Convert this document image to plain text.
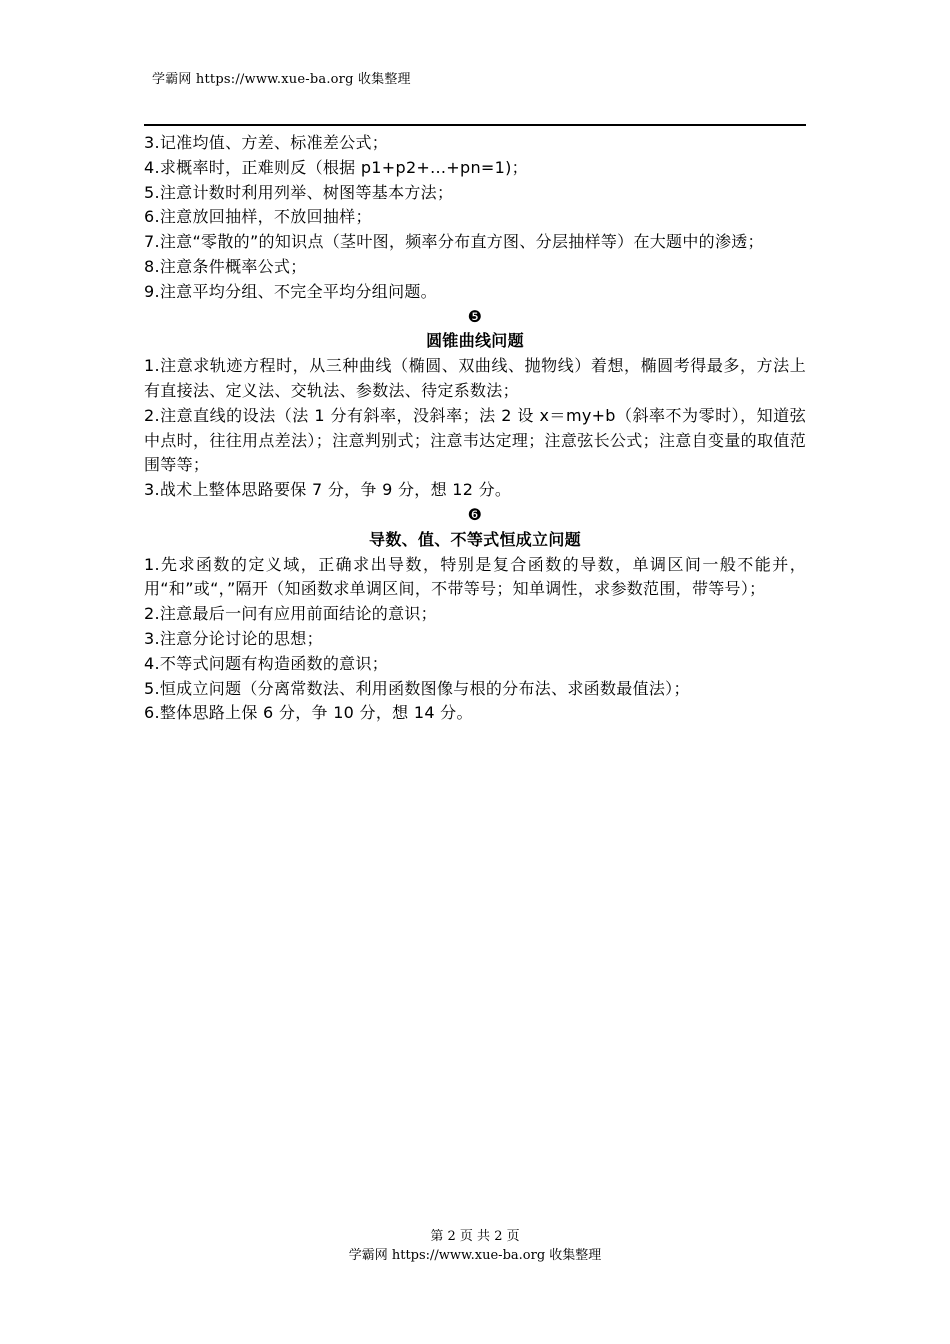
学霸网 https://www.xue-ba.org 收集整理

3.记准均值、方差、标准差公式；

4.求概率时，正难则反（根据 p1+p2+...+pn=1)；

5.注意计数时利用列举、树图等基本方法；

6.注意放回抽样，不放回抽样；

7.注意“零散的”的知识点（茎叶图，频率分布直方图、分层抽样等）在大题中的渗透；

8.注意条件概率公式；

9.注意平均分组、不完全平均分组问题。

❺

圆锥曲线问题

1.注意求轨迹方程时，从三种曲线（椭圆、双曲线、抛物线）着想，椭圆考得最多，方法上有直接法、定义法、交轨法、参数法、待定系数法；

2.注意直线的设法（法 1 分有斜率，没斜率；法 2 设 x＝my+b（斜率不为零时），知道弦中点时，往往用点差法）；注意判别式；注意韦达定理；注意弦长公式；注意自变量的取值范围等等；

3.战术上整体思路要保 7 分，争 9 分，想 12 分。

❻

导数、值、不等式恒成立问题

1.先求函数的定义域，正确求出导数，特别是复合函数的导数，单调区间一般不能并，用“和”或“，”隔开（知函数求单调区间，不带等号；知单调性，求参数范围，带等号）；

2.注意最后一问有应用前面结论的意识；

3.注意分论讨论的思想；

4.不等式问题有构造函数的意识；

5.恒成立问题（分离常数法、利用函数图像与根的分布法、求函数最值法）；

6.整体思路上保 6 分，争 10 分，想 14 分。

第 2 页 共 2 页
学霸网 https://www.xue-ba.org 收集整理
